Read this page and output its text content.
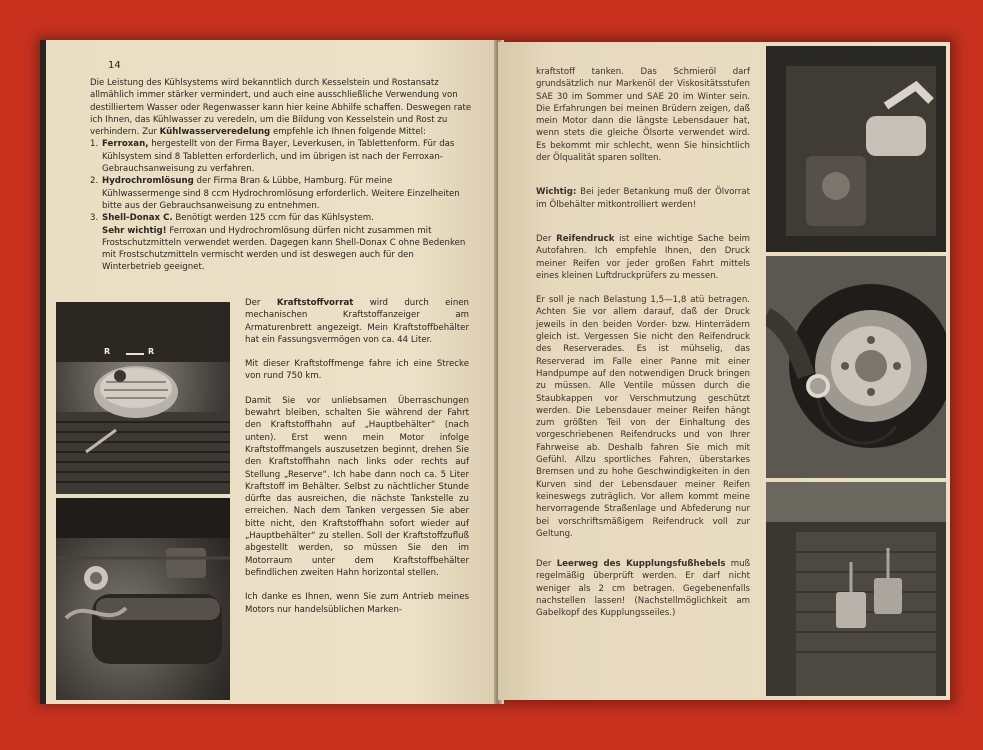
14

Die Leistung des Kühlsystems wird bekanntlich durch Kesselstein und Rostansatz allmählich immer stärker vermindert, und auch eine ausschließliche Verwendung von destilliertem Wasser oder Regenwasser kann hier keine Abhilfe schaffen. Deswegen rate ich Ihnen, das Kühlwasser zu veredeln, um die Bildung von Kesselstein und Rost zu verhindern. Zur Kühlwasserveredelung empfehle ich Ihnen folgende Mittel:

1. Ferroxan, hergestellt von der Firma Bayer, Leverkusen, in Tablettenform. Für das Kühlsystem sind 8 Tabletten erforderlich, und im übrigen ist nach der Ferroxan-Gebrauchsanweisung zu verfahren.
2. Hydrochromlösung der Firma Bran & Lübbe, Hamburg. Für meine Kühlwassermenge sind 8 ccm Hydrochromlösung erforderlich. Weitere Einzelheiten bitte aus der Gebrauchsanweisung zu entnehmen.
3. Shell-Donax C. Benötigt werden 125 ccm für das Kühlsystem.

Sehr wichtig! Ferroxan und Hydrochromlösung dürfen nicht zusammen mit Frostschutzmitteln verwendet werden. Dagegen kann Shell-Donax C ohne Bedenken mit Frostschutzmitteln vermischt werden und ist deswegen auch für den Winterbetrieb geeignet.

R	R

Der Kraftstoffvorrat wird durch einen mechanischen Kraftstoffanzeiger am Armaturenbrett angezeigt. Mein Kraftstoffbehälter hat ein Fassungsvermögen von ca. 44 Liter.

Mit dieser Kraftstoffmenge fahre ich eine Strecke von rund 750 km.

Damit Sie vor unliebsamen Überraschungen bewahrt bleiben, schalten Sie während der Fahrt den Kraftstoffhahn auf „Hauptbehälter“ (nach unten). Erst wenn mein Motor infolge Kraftstoffmangels auszusetzen beginnt, drehen Sie den Kraftstoffhahn nach links oder rechts auf Stellung „Reserve“. Ich habe dann noch ca. 5 Liter Kraftstoff im Behälter. Selbst zu nächtlicher Stunde dürfte das ausreichen, die nächste Tankstelle zu erreichen. Nach dem Tanken vergessen Sie aber bitte nicht, den Kraftstoffhahn sofort wieder auf „Hauptbehälter“ zu stellen. Soll der Kraftstoffzufluß abgestellt werden, so müssen Sie den im Motorraum unter dem Kraftstoffbehälter befindlichen zweiten Hahn horizontal stellen.

Ich danke es Ihnen, wenn Sie zum Antrieb meines Motors nur handelsüblichen Marken-

kraftstoff tanken. Das Schmieröl darf grundsätzlich nur Markenöl der Viskositätsstufen SAE 30 im Sommer und SAE 20 im Winter sein. Die Erfahrungen bei meinen Brüdern zeigen, daß mein Motor dann die längste Lebensdauer hat, wenn stets die gleiche Ölsorte verwendet wird. Es bekommt mir schlecht, wenn Sie hinsichtlich der Ölqualität sparen sollten.

Wichtig: Bei jeder Betankung muß der Ölvorrat im Ölbehälter mitkontrolliert werden!

Der Reifendruck ist eine wichtige Sache beim Autofahren. Ich empfehle Ihnen, den Druck meiner Reifen vor jeder großen Fahrt mittels eines kleinen Luftdruckprüfers zu messen.

Er soll je nach Belastung 1,5—1,8 atü betragen. Achten Sie vor allem darauf, daß der Druck jeweils in den beiden Vorder- bzw. Hinterrädern gleich ist. Vergessen Sie nicht den Reifendruck des Reserverades. Es ist mühselig, das Reserverad im Falle einer Panne mit einer Handpumpe auf den notwendigen Druck bringen zu müssen. Alle Ventile müssen durch die Staubkappen vor Verschmutzung geschützt werden. Die Lebensdauer meiner Reifen hängt zum größten Teil von der Einhaltung des vorgeschriebenen Reifendrucks und von Ihrer Fahrweise ab. Deshalb fahren Sie mich mit Gefühl. Allzu sportliches Fahren, überstarkes Bremsen und zu hohe Geschwindigkeiten in den Kurven sind der Lebensdauer meiner Reifen keineswegs zuträglich. Vor allem kommt meine hervorragende Straßenlage und Abfederung nur bei vorschriftsmäßigem Reifendruck voll zur Geltung.

Der Leerweg des Kupplungsfußhebels muß regelmäßig überprüft werden. Er darf nicht weniger als 2 cm betragen. Gegebenenfalls nachstellen lassen! (Nachstellmöglichkeit am Gabelkopf des Kupplungsseiles.)
